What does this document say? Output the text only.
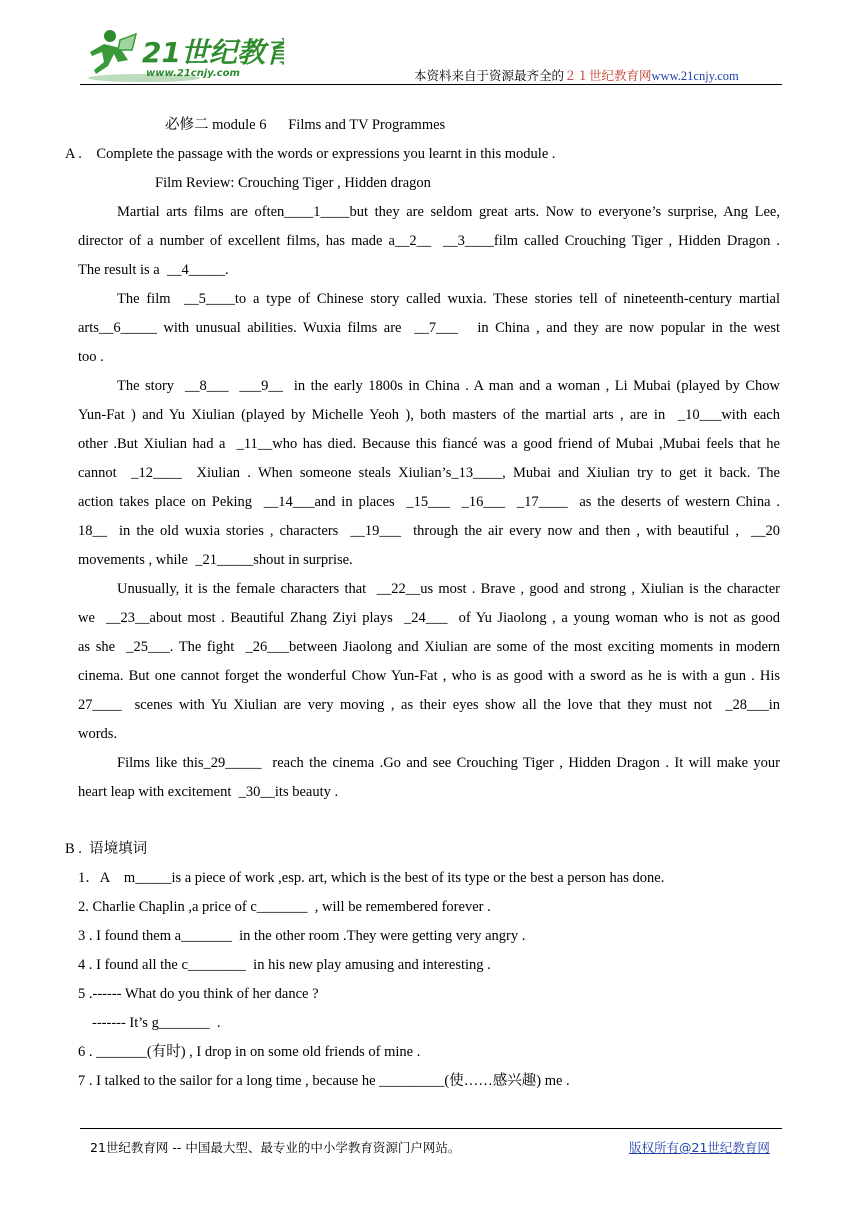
21世纪教育
www.21cnjy.com	本资料来自于资源最齐全的２１世纪教育网www.21cnjy.com
必修二 module 6      Films and TV Programmes
A .    Complete the passage with the words or expressions you learnt in this module .
Film Review: Crouching Tiger , Hidden dragon
Martial arts films are often____1____but they are seldom great arts. Now to everyone’s surprise, Ang Lee,
director of a number of excellent films, has made a__2__  __3____film called Crouching Tiger , Hidden Dragon .
The result is a  __4_____.
The film  __5____to a type of Chinese story called wuxia. These stories tell of nineteenth-century martial
arts__6_____ with unusual abilities. Wuxia films are  __7___   in China , and they are now popular in the west
too .
The story  __8___  ___9__  in the early 1800s in China . A man and a woman , Li Mubai (played by Chow
Yun-Fat ) and Yu Xiulian (played by Michelle Yeoh ), both masters of the martial arts , are in  _10___with each
other .But Xiulian had a  _11__who has died. Because this fiancé was a good friend of Mubai ,Mubai feels that he
cannot  _12____  Xiulian . When someone steals Xiulian’s_13____, Mubai and Xiulian try to get it back. The
action takes place on Peking  __14___and in places  _15___  _16___  _17____  as the deserts of western China .
18__  in the old wuxia stories , characters  __19___  through the air every now and then , with beautiful ,  __20
movements , while  _21_____shout in surprise.
Unusually, it is the female characters that  __22__us most . Brave , good and strong , Xiulian is the character
we  __23__about most . Beautiful Zhang Ziyi plays  _24___  of Yu Jiaolong , a young woman who is not as good
as she  _25___. The fight  _26___between Jiaolong and Xiulian are some of the most exciting moments in modern
cinema. But one cannot forget the wonderful Chow Yun-Fat , who is as good with a sword as he is with a gun . His
27____  scenes with Yu Xiulian are very moving , as their eyes show all the love that they must not  _28___in
words.
Films like this_29_____  reach the cinema .Go and see Crouching Tiger , Hidden Dragon . It will make your
heart leap with excitement  _30__its beauty .
B .  语境填词
1．A    m_____is a piece of work ,esp. art, which is the best of its type or the best a person has done.
2. Charlie Chaplin ,a price of c_______  , will be remembered forever .
3 . I found them a_______  in the other room .They were getting very angry .
4 . I found all the c________  in his new play amusing and interesting .
5 .------ What do you think of her dance ?
------- It’s g_______  .
6 . _______(有时) , I drop in on some old friends of mine .
7 . I talked to the sailor for a long time , because he _________(使……感兴趣) me .
21世纪教育网 -- 中国最大型、最专业的中小学教育资源门户网站。	版权所有@21世纪教育网
